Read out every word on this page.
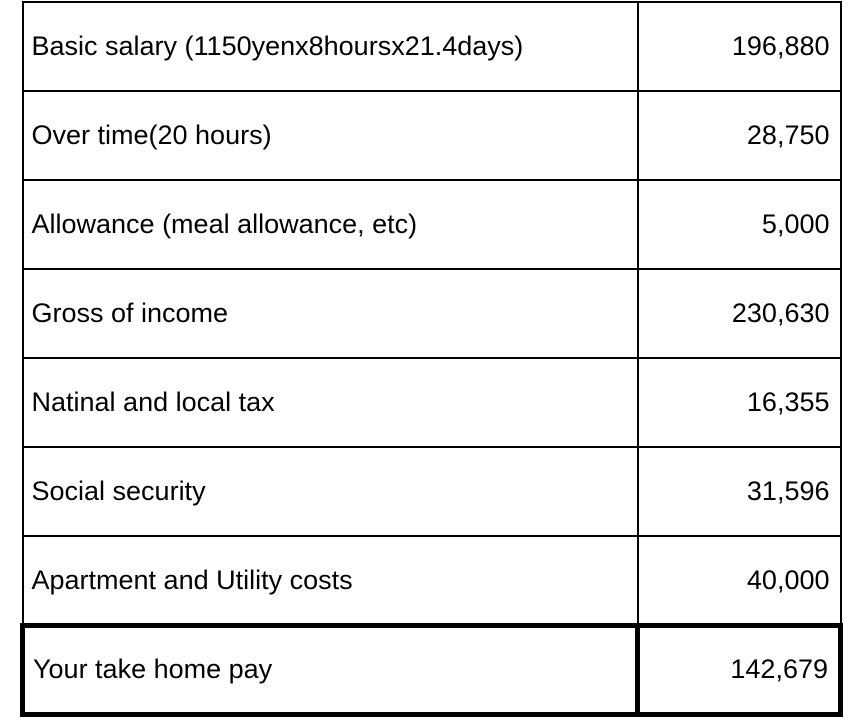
Basic salary (1150yenx8hoursx21.4days)	196,880
Over time(20 hours)	28,750
Allowance (meal allowance, etc)	5,000
Gross of income	230,630
Natinal and local tax	16,355
Social security	31,596
Apartment and Utility costs	40,000
Your take home pay	142,679
